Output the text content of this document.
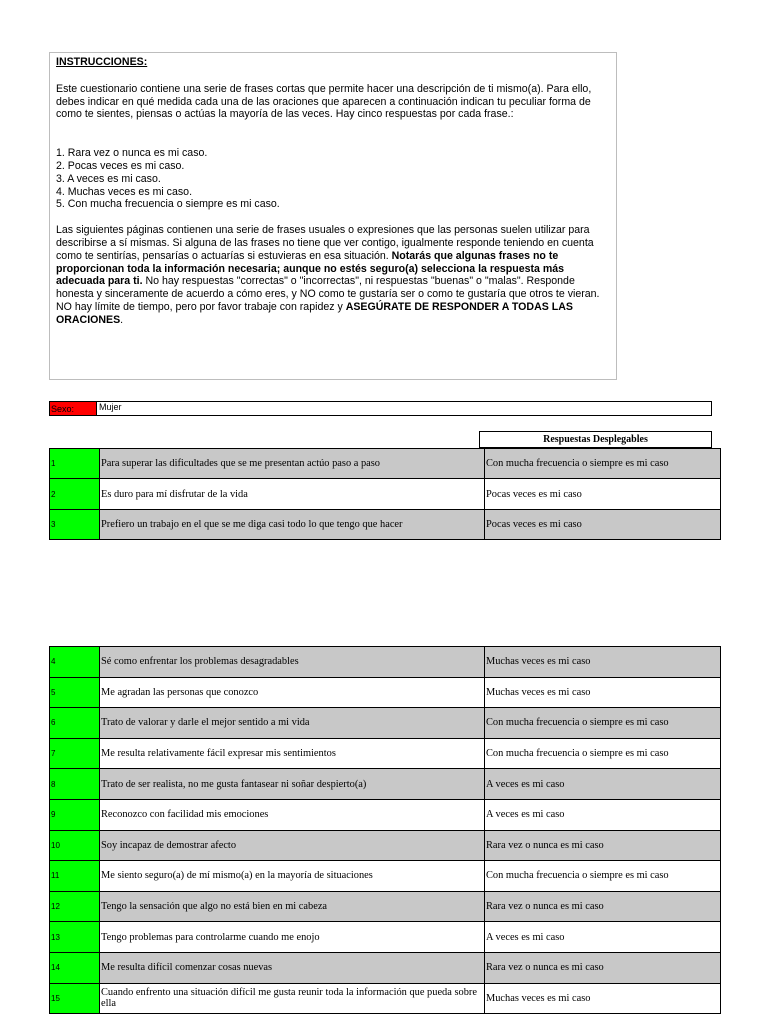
INSTRUCCIONES:

Este cuestionario contiene una serie de frases cortas que permite hacer una descripción de ti mismo(a). Para ello, debes indicar en qué medida cada una de las oraciones que aparecen a continuación indican tu peculiar forma de como te sientes, piensas o actúas la mayoría de las veces. Hay cinco respuestas por cada frase.:

1. Rara vez o nunca es mi caso.
2. Pocas veces es mi caso.
3. A veces es mi caso.
4. Muchas veces es mi caso.
5. Con mucha frecuencia o siempre es mi caso.

Las siguientes páginas contienen una serie de frases usuales o expresiones que las personas suelen utilizar para describirse a sí mismas. Si alguna de las frases no tiene que ver contigo, igualmente responde teniendo en cuenta como te sentirías, pensarías o actuarías si estuvieras en esa situación. Notarás que algunas frases no te proporcionan toda la información necesaria; aunque no estés seguro(a) selecciona la respuesta más adecuada para ti. No hay respuestas "correctas" o "incorrectas", ni respuestas "buenas" o "malas". Responde honesta y sinceramente de acuerdo a cómo eres, y NO como te gustaría ser o como te gustaría que otros te vieran. NO hay límite de tiempo, pero por favor trabaje con rapidez y ASEGÚRATE DE RESPONDER A TODAS LAS ORACIONES.

Sexo:	Mujer
Respuestas Desplegables
1	Para superar las dificultades que se me presentan actúo paso a paso	Con mucha frecuencia o siempre es mi caso
2	Es duro para mí disfrutar de la vida	Pocas veces es mi caso
3	Prefiero un trabajo en el que se me diga casi todo lo que tengo que hacer	Pocas veces es mi caso
4	Sé como enfrentar los problemas desagradables	Muchas veces es mi caso
5	Me agradan las personas que conozco	Muchas veces es mi caso
6	Trato de valorar y darle el mejor sentido a mi vida	Con mucha frecuencia o siempre es mi caso
7	Me resulta relativamente fácil expresar mis sentimientos	Con mucha frecuencia o siempre es mi caso
8	Trato de ser realista, no me gusta fantasear ni soñar despierto(a)	A veces es mi caso
9	Reconozco con facilidad mis emociones	A veces es mi caso
10	Soy incapaz de demostrar afecto	Rara vez o nunca es mi caso
11	Me siento seguro(a) de mí mismo(a) en la mayoría de situaciones	Con mucha frecuencia o siempre es mi caso
12	Tengo la sensación que algo no está bien en mi cabeza	Rara vez o nunca es mi caso
13	Tengo problemas para controlarme cuando me enojo	A veces es mi caso
14	Me resulta difícil comenzar cosas nuevas	Rara vez o nunca es mi caso
15	Cuando enfrento una situación difícil me gusta reunir toda la información que pueda sobre ella	Muchas veces es mi caso
